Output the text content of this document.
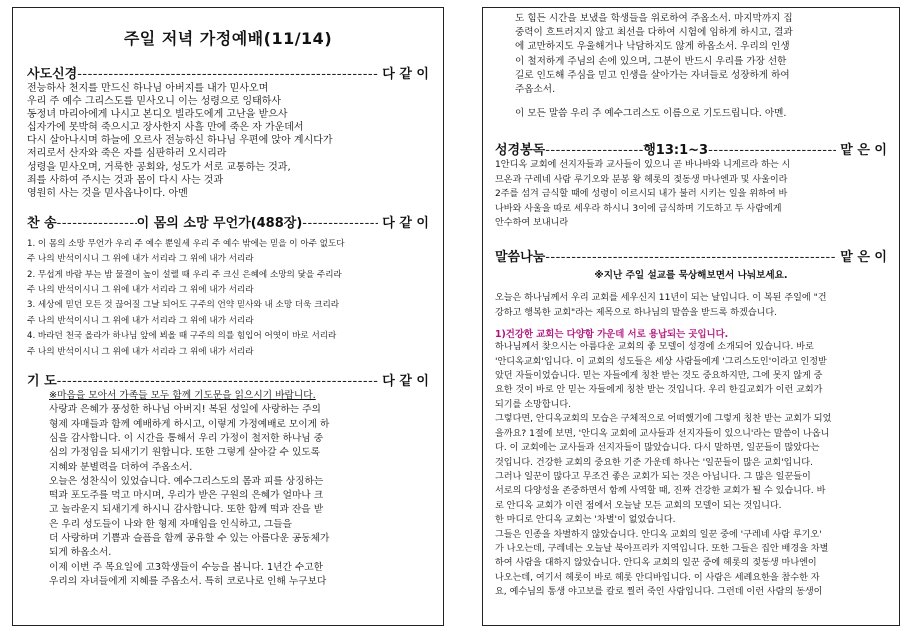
주일 저녁 가정예배(11/14)
사도신경 -----	다 같 이
전능하사 천지를 만드신 하나님 아버지를 내가 믿사오며
우리 주 예수 그리스도를 믿사오니 이는 성령으로 잉태하사
동정녀 마리아에게 나시고 본디오 빌라도에게 고난을 받으사
십자가에 못박혀 죽으시고 장사한지 사흘 만에 죽은 자 가운데서
다시 살아나시며 하늘에 오르사 전능하신 하나님 우편에 앉아 계시다가
저리로서 산자와 죽은 자를 심판하러 오시리라
성령을 믿사오며, 거룩한 공회와, 성도가 서로 교통하는 것과,
죄를 사하여 주시는 것과 몸이 다시 사는 것과
영원히 사는 것을 믿사옵나이다. 아멘
찬 송 -----	이 몸의 소망 무언가(488장) -----	다 같 이
1. 이 몸의 소망 무언가 우리 주 예수 뿐일세 우리 주 예수 밖에는 믿을 이 아주 없도다
주 나의 반석이시니 그 위에 내가 서리라 그 위에 내가 서리라
2. 무섭게 바람 부는 밤 물결이 높이 설렐 때 우리 주 크신 은혜에 소망의 닻을 주리라
주 나의 반석이시니 그 위에 내가 서리라 그 위에 내가 서리라
3. 세상에 믿던 모든 것 끊어질 그날 되어도 구주의 언약 믿사와 내 소망 더욱 크리라
주 나의 반석이시니 그 위에 내가 서리라 그 위에 내가 서리라
4. 바라던 천국 올라가 하나님 앞에 뵈올 때 구주의 의를 힘입어 어엿이 바로 서리라
주 나의 반석이시니 그 위에 내가 서리라 그 위에 내가 서리라
기 도 -----	다 같 이
※마음을 모아서 가족들 모두 함께 기도문을 읽으시기 바랍니다.
사랑과 은혜가 풍성한 하나님 아버지! 복된 성일에 사랑하는 주의
형제 자매들과 함께 예배하게 하시고, 이렇게 가정예배로 모이게 하
심을 감사합니다. 이 시간을 통해서 우리 가정이 철저한 하나님 중
심의 가정임을 되새기기 원합니다. 또한 그렇게 살아갈 수 있도록
지혜와 분별력을 더하여 주옵소서.
오늘은 성찬식이 있었습니다. 예수그리스도의 몸과 피를 상징하는
떡과 포도주를 먹고 마시며, 우리가 받은 구원의 은혜가 얼마나 크
고 놀라운지 되새기게 하시니 감사합니다. 또한 함께 떡과 잔을 받
은 우리 성도들이 나와 한 형제 자매임을 인식하고, 그들을
더 사랑하며 기쁨과 슬픔을 함께 공유할 수 있는 아름다운 공동체가
되게 하옵소서.
이제 이번 주 목요일에 고3학생들이 수능을 봅니다. 1년간 수고한
우리의 자녀들에게 지혜를 주옵소서. 특히 코로나로 인해 누구보다
도 힘든 시간을 보냈을 학생들을 위로하여 주옵소서. 마지막까지 집
중력이 흐트러지지 않고 최선을 다하여 시험에 임하게 하시고, 결과
에 교만하지도 우울해거나 낙담하지도 않게 하옵소서. 우리의 인생
이 철저하게 주님의 손에 있으며, 그분이 반드시 우리를 가장 선한
길로 인도해 주심을 믿고 인생을 살아가는 자녀들로 성장하게 하여
주옵소서.
이 모든 말씀 우리 주 예수그리스도 이름으로 기도드립니다. 아멘.
성경봉독 -----	행13:1~3 -----	맡 은 이
1안디옥 교회에 선지자들과 교사들이 있으니 곧 바나바와 니게르라 하는 시
므온과 구레네 사람 루기오와 분봉 왕 헤롯의 젖동생 마나엔과 및 사울이라
2주를 섬겨 금식할 때에 성령이 이르시되 내가 불러 시키는 일을 위하여 바
나바와 사울을 따로 세우라 하시니 3이에 금식하며 기도하고 두 사람에게
안수하여 보내니라
말씀나눔 -----	맡 은 이
※지난 주일 설교를 묵상해보면서 나눠보세요.
오늘은 하나님께서 우리 교회를 세우신지 11년이 되는 날입니다. 이 복된 주일에 "건
강하고 행복한 교회"라는 제목으로 하나님의 말씀을 받드록 하겠습니다.
1)건강한 교회는 다양함 가운데 서로 용납되는 곳입니다.
하나님께서 찾으시는 아름다운 교회의 좋 모델이 성경에 소개되어 있습니다. 바로
'안디옥교회'입니다. 이 교회의 성도들은 세상 사람들에게 '그리스도인'이라고 인정받
았던 자들이었습니다. 믿는 자들에게 칭찬 받는 것도 중요하지만, 그에 못지 않게 중
요한 것이 바로 안 믿는 자들에게 칭찬 받는 것입니다. 우리 한길교회가 이런 교회가
되기를 소망합니다.
그렇다면, 안디옥교회의 모습은 구체적으로 어떠했기에 그렇게 칭찬 받는 교회가 되었
을까요? 1절에 보면, '안디옥 교회에 교사들과 선지자들이 있으니'라는 말씀이 나옵니
다. 이 교회에는 교사들과 선지자들이 많았습니다. 다시 말하면, 일꾼들이 많았다는
것입니다. 건강한 교회의 중요한 기준 가운데 하나는 '일꾼들이 많은 교회'입니다.
그러나 일꾼이 많다고 무조건 좋은 교회가 되는 것은 아닙니다. 그 많은 일꾼들이
서로의 다양성을 존중하면서 함께 사역할 때, 진짜 건강한 교회가 될 수 있습니다. 바
로 안디옥 교회가 이런 점에서 오늘날 모든 교회의 모델이 되는 것입니다.
한 마디로 안디옥 교회는 '차별'이 없었습니다.
그들은 인종을 차별하지 않았습니다. 안디옥 교회의 일꾼 중에 '구레네 사람 루기오'
가 나오는데, 구레네는 오늘날 북아프리카 지역입니다. 또한 그들은 집안 배경을 차별
하여 사람을 대하지 않았습니다. 안디옥 교회의 일꾼 중에 헤롯의 젖동생 마나엔이
나오는데, 여기서 헤롯이 바로 헤롯 안디바입니다. 이 사람은 세례요한을 참수한 자
요, 예수님의 통생 야고보를 칼로 찔러 죽인 사람입니다. 그런데 이런 사람의 동생이
